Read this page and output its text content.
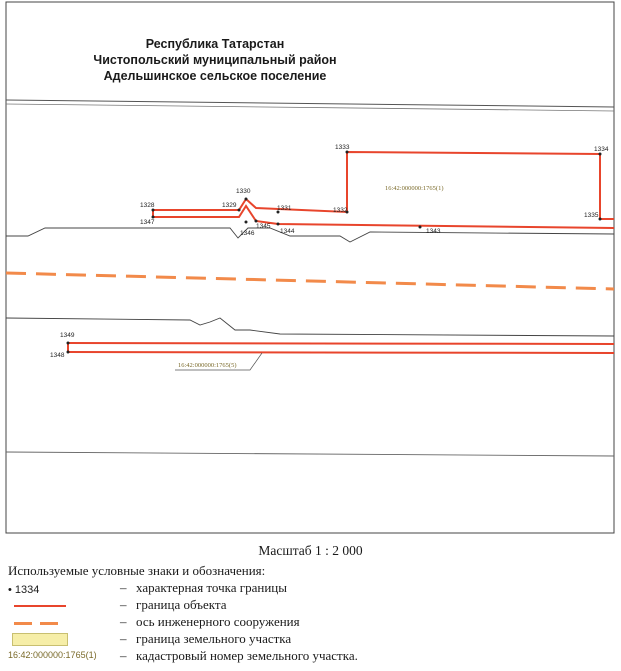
1328
1347
1329
1330
1331	1332
1333	1334
1335
1343
1344
1345
1346
1349
1348
16:42:000000:1765(1)
16:42:000000:1765(5)
Республика Татарстан
Чистопольский муниципальный район
Адельшинское сельское поселение
Масштаб 1 : 2 000
Используемые условные знаки и обозначения:
• 1334	– характерная точка границы
– граница объекта
– ось инженерного сооружения
– граница земельного участка
16:42:000000:1765(1) – кадастровый номер земельного участка.
